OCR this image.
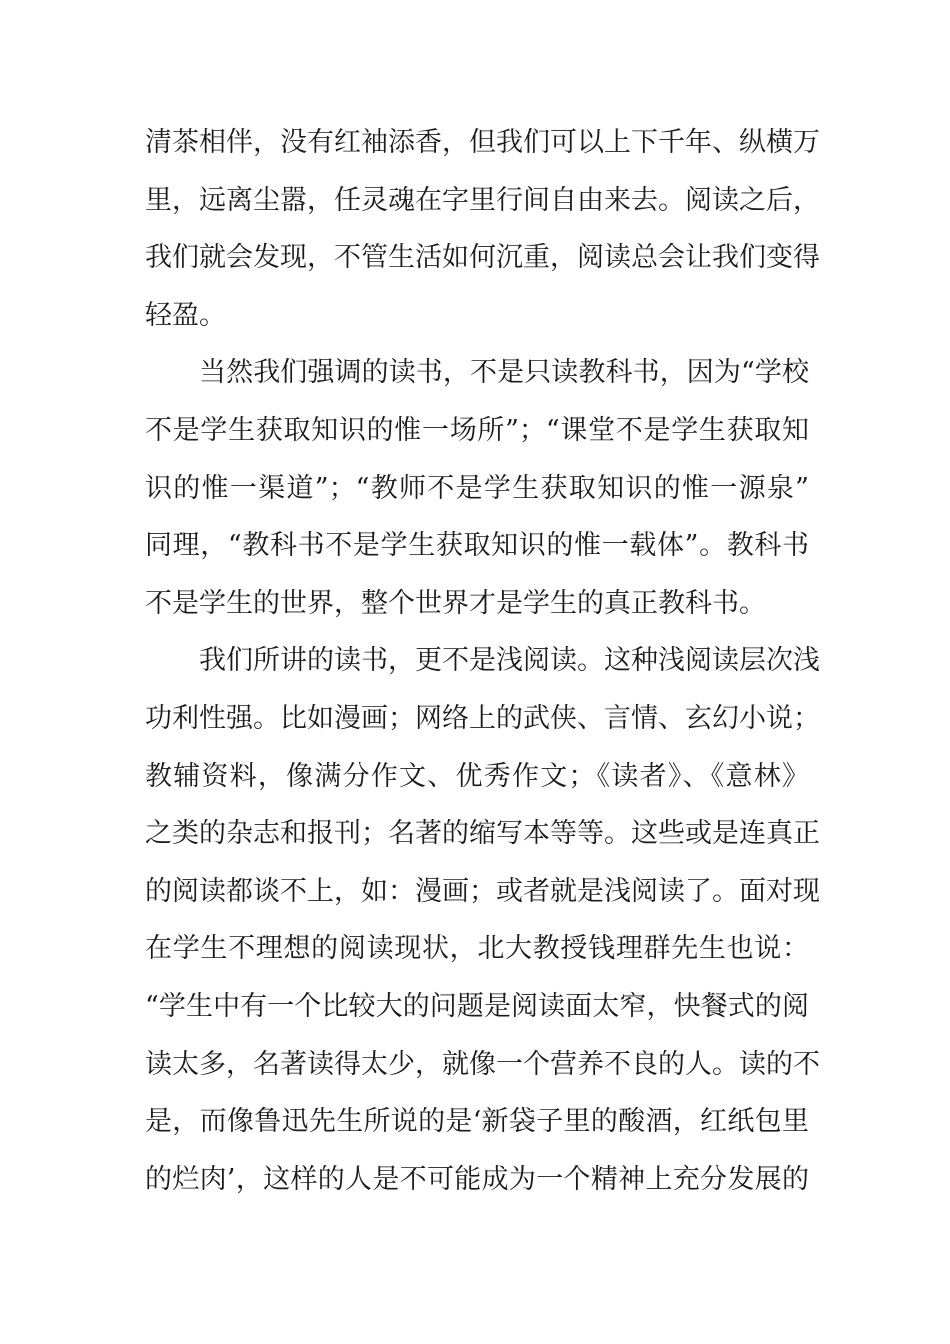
清茶相伴，没有红袖添香，但我们可以上下千年、纵横万
里，远离尘嚣，任灵魂在字里行间自由来去。阅读之后，
我们就会发现，不管生活如何沉重，阅读总会让我们变得
轻盈。
当然我们强调的读书，不是只读教科书，因为“学校
不是学生获取知识的惟一场所”；“课堂不是学生获取知
识的惟一渠道”；“教师不是学生获取知识的惟一源泉”
同理，“教科书不是学生获取知识的惟一载体”。教科书
不是学生的世界，整个世界才是学生的真正教科书。
我们所讲的读书，更不是浅阅读。这种浅阅读层次浅
功利性强。比如漫画；网络上的武侠、言情、玄幻小说；
教辅资料，像满分作文、优秀作文；《读者》、《意林》
之类的杂志和报刊；名著的缩写本等等。这些或是连真正
的阅读都谈不上，如：漫画；或者就是浅阅读了。面对现
在学生不理想的阅读现状，北大教授钱理群先生也说：
“学生中有一个比较大的问题是阅读面太窄，快餐式的阅
读太多，名著读得太少，就像一个营养不良的人。读的不
是，而像鲁迅先生所说的是‘新袋子里的酸酒，红纸包里
的烂肉’，这样的人是不可能成为一个精神上充分发展的
